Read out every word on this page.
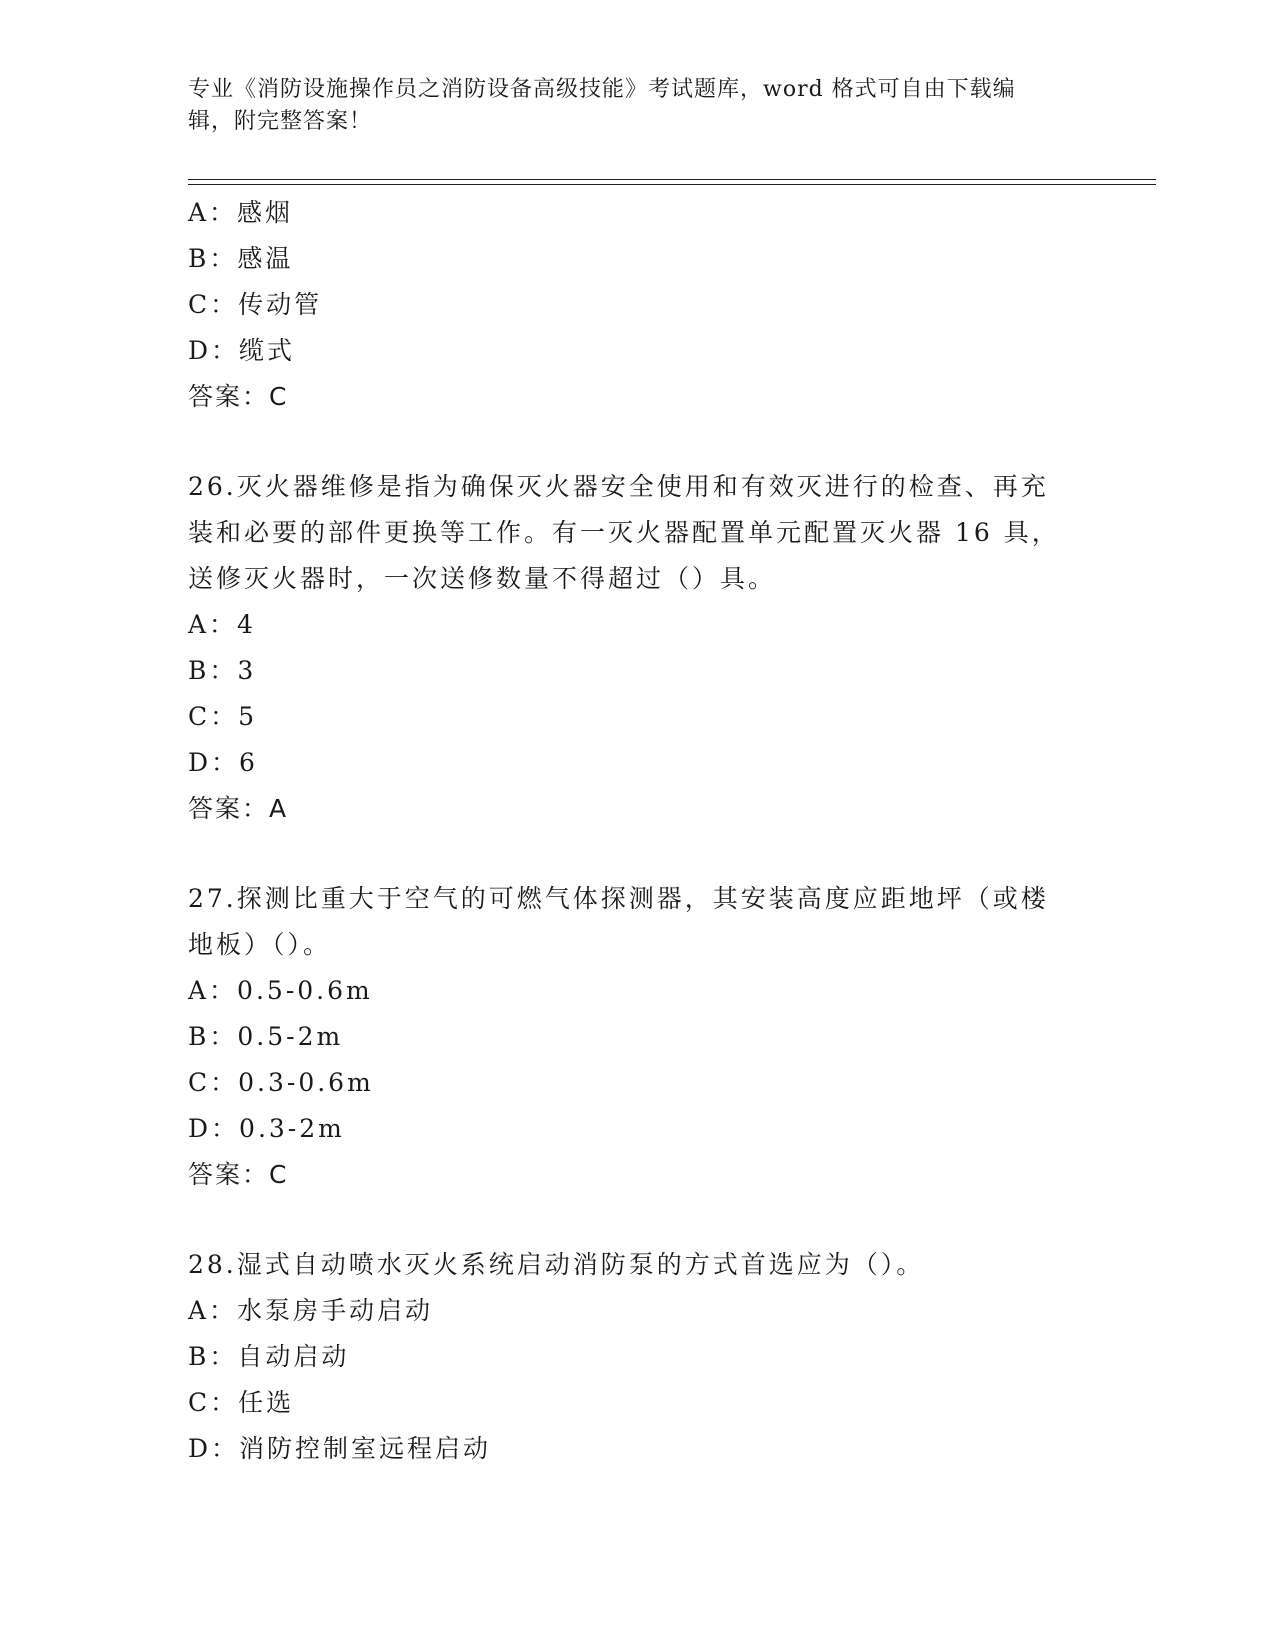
专业《消防设施操作员之消防设备高级技能》考试题库，word 格式可自由下载编
辑，附完整答案！
A：感烟
B：感温
C：传动管
D：缆式
答案：C
26.灭火器维修是指为确保灭火器安全使用和有效灭进行的检查、再充
装和必要的部件更换等工作。有一灭火器配置单元配置灭火器 16 具，
送修灭火器时，一次送修数量不得超过（）具。
A：4
B：3
C：5
D：6
答案：A
27.探测比重大于空气的可燃气体探测器，其安装高度应距地坪（或楼
地板）（）。
A：0.5-0.6m
B：0.5-2m
C：0.3-0.6m
D：0.3-2m
答案：C
28.湿式自动喷水灭火系统启动消防泵的方式首选应为（）。
A：水泵房手动启动
B：自动启动
C：任选
D：消防控制室远程启动
